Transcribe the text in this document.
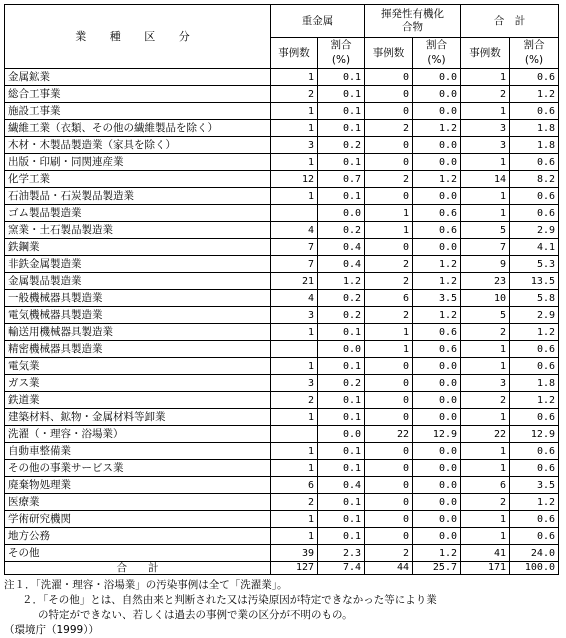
業 種 区 分	重金属		揮発性有機化合物		合　計	
	事例数	割合(%)	事例数	割合(%)	事例数	割合(%)
金属鉱業	1	0.1	0	0.0	1	0.6
総合工事業	2	0.1	0	0.0	2	1.2
施設工事業	1	0.1	0	0.0	1	0.6
繊維工業（衣類、その他の繊維製品を除く）	1	0.1	2	1.2	3	1.8
木材・木製品製造業（家具を除く）	3	0.2	0	0.0	3	1.8
出版・印刷・同関連産業	1	0.1	0	0.0	1	0.6
化学工業	12	0.7	2	1.2	14	8.2
石油製品・石炭製品製造業	1	0.1	0	0.0	1	0.6
ゴム製品製造業		0.0	1	0.6	1	0.6
窯業・土石製品製造業	4	0.2	1	0.6	5	2.9
鉄鋼業	7	0.4	0	0.0	7	4.1
非鉄金属製造業	7	0.4	2	1.2	9	5.3
金属製品製造業	21	1.2	2	1.2	23	13.5
一般機械器具製造業	4	0.2	6	3.5	10	5.8
電気機械器具製造業	3	0.2	2	1.2	5	2.9
輸送用機械器具製造業	1	0.1	1	0.6	2	1.2
精密機械器具製造業		0.0	1	0.6	1	0.6
電気業	1	0.1	0	0.0	1	0.6
ガス業	3	0.2	0	0.0	3	1.8
鉄道業	2	0.1	0	0.0	2	1.2
建築材料、鉱物・金属材料等卸業	1	0.1	0	0.0	1	0.6
洗濯（・理容・浴場業）		0.0	22	12.9	22	12.9
自動車整備業	1	0.1	0	0.0	1	0.6
その他の事業サービス業	1	0.1	0	0.0	1	0.6
廃棄物処理業	6	0.4	0	0.0	6	3.5
医療業	2	0.1	0	0.0	2	1.2
学術研究機関	1	0.1	0	0.0	1	0.6
地方公務	1	0.1	0	0.0	1	0.6
その他	39	2.3	2	1.2	41	24.0
合　　計	127	7.4	44	25.7	171	100.0
注１．「洗濯・理容・浴場業」の汚染事例は全て「洗濯業」。
２．「その他」とは、自然由来と判断された又は汚染原因が特定できなかった等により業
の特定ができない、若しくは過去の事例で業の区分が不明のもの。
（環境庁（1999））
